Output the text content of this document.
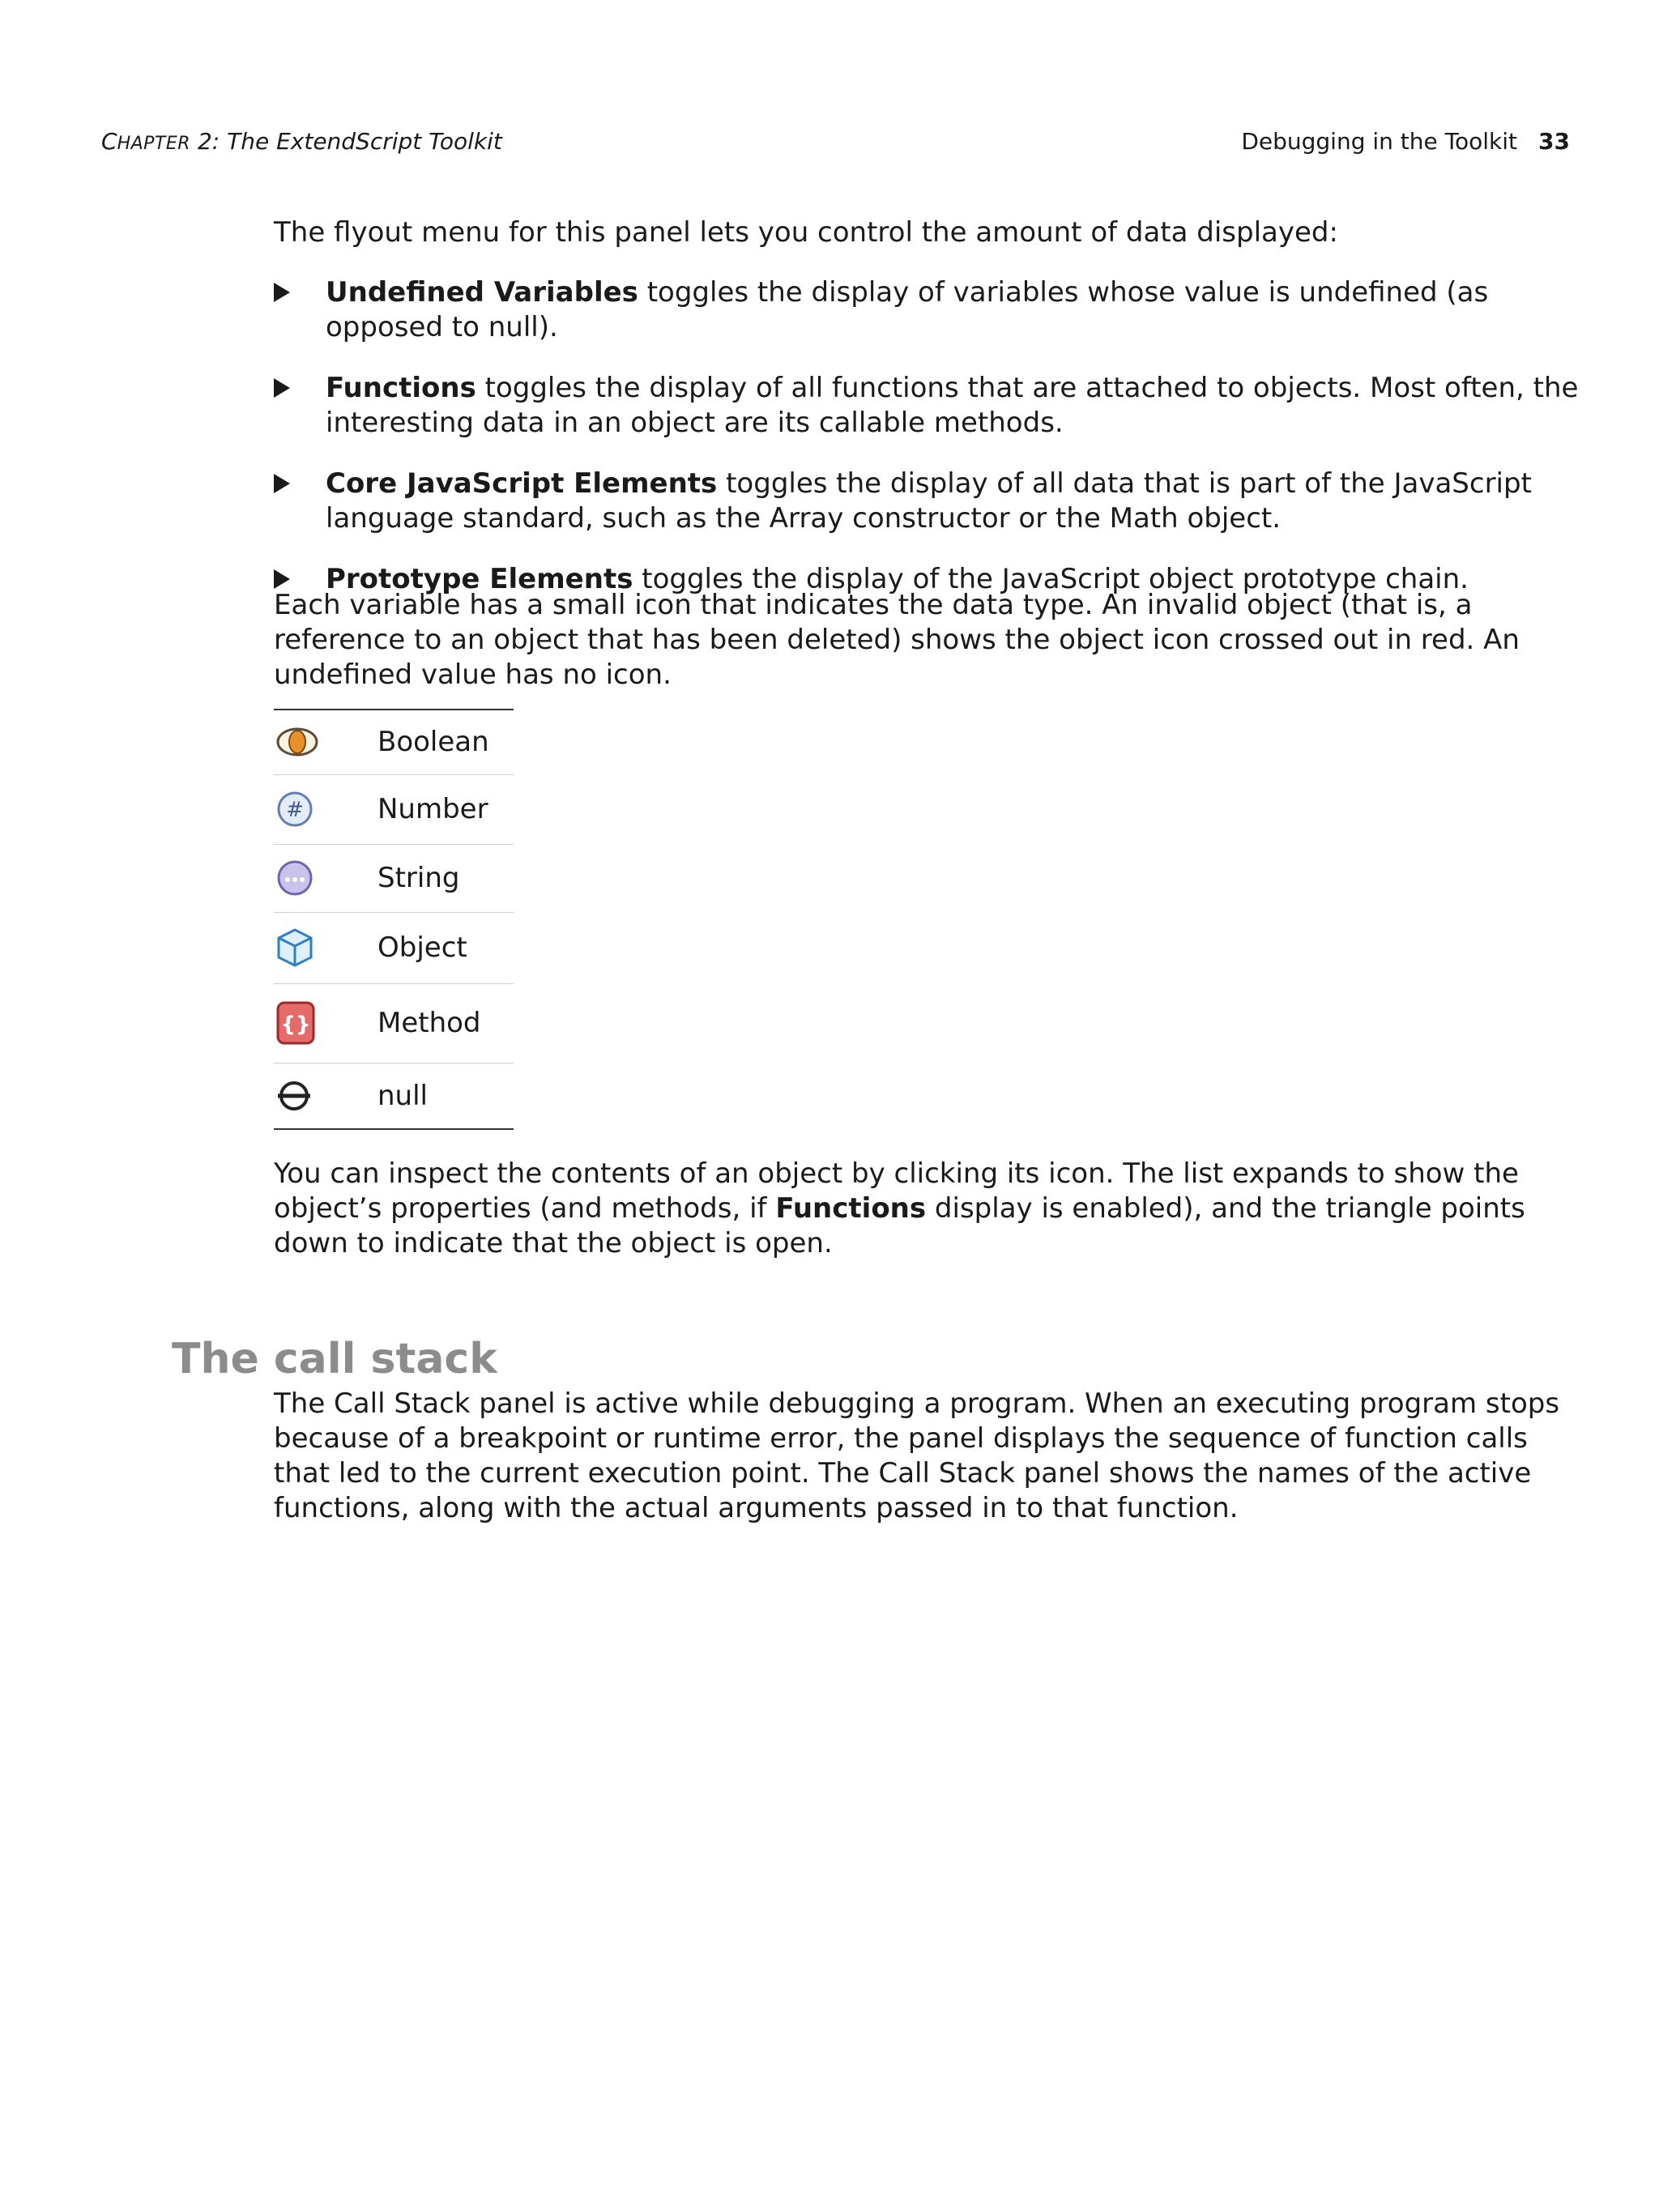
CHAPTER 2: The ExtendScript Toolkit	Debugging in the Toolkit 33

The flyout menu for this panel lets you control the amount of data displayed:

Undefined Variables toggles the display of variables whose value is undefined (as opposed to null).
Functions toggles the display of all functions that are attached to objects. Most often, the interesting data in an object are its callable methods.
Core JavaScript Elements toggles the display of all data that is part of the JavaScript language standard, such as the Array constructor or the Math object.
Prototype Elements toggles the display of the JavaScript object prototype chain.

Each variable has a small icon that indicates the data type. An invalid object (that is, a reference to an object that has been deleted) shows the object icon crossed out in red. An undefined value has no icon.

	Boolean

#	Number

	String

	Object

{}	Method

	null

You can inspect the contents of an object by clicking its icon. The list expands to show the object’s properties (and methods, if Functions display is enabled), and the triangle points down to indicate that the object is open.

The call stack

The Call Stack panel is active while debugging a program. When an executing program stops because of a breakpoint or runtime error, the panel displays the sequence of function calls that led to the current execution point. The Call Stack panel shows the names of the active functions, along with the actual arguments passed in to that function.
